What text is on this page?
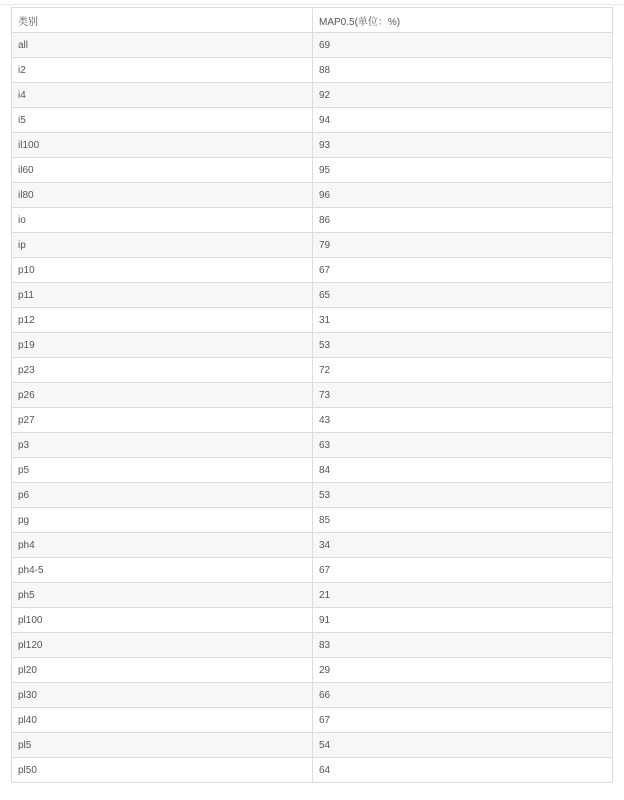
类别	MAP0.5(单位：%)
all	69
i2	88
i4	92
i5	94
il100	93
il60	95
il80	96
io	86
ip	79
p10	67
p11	65
p12	31
p19	53
p23	72
p26	73
p27	43
p3	63
p5	84
p6	53
pg	85
ph4	34
ph4-5	67
ph5	21
pl100	91
pl120	83
pl20	29
pl30	66
pl40	67
pl5	54
pl50	64
